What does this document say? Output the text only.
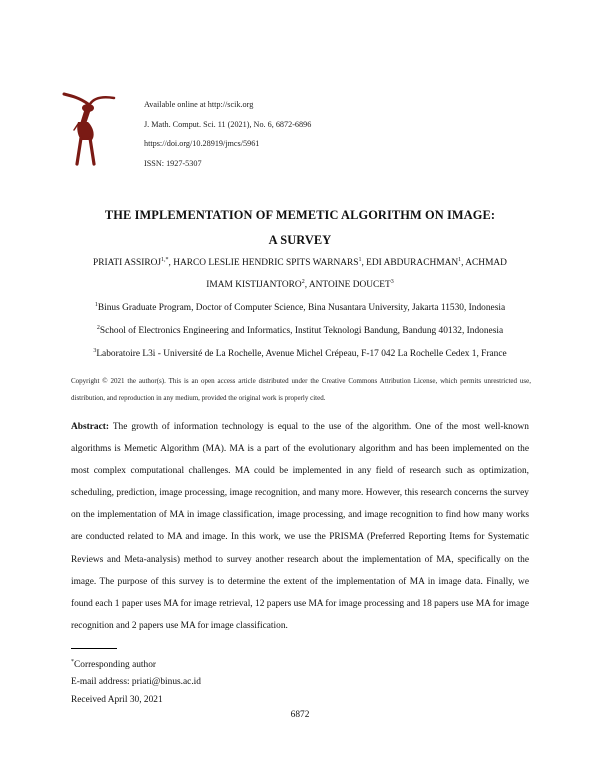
Available online at http://scik.org
J. Math. Comput. Sci. 11 (2021), No. 6, 6872-6896
https://doi.org/10.28919/jmcs/5961
ISSN: 1927-5307
THE IMPLEMENTATION OF MEMETIC ALGORITHM ON IMAGE:
A SURVEY
PRIATI $ASSIROJ^{1,*}$, HARCO LESLIE HENDRIC SPITS WARNARS$^1$, EDI ABDURACHMAN$^1$, ACHMAD
IMAM KISTIJANTORO$^2$, ANTOINE DOUCET$^3$
$^1$Binus Graduate Program, Doctor of Computer Science, Bina Nusantara University, Jakarta 11530, Indonesia
$^2$School of Electronics Engineering and Informatics, Institut Teknologi Bandung, Bandung 40132, Indonesia
$^3$Laboratoire L3i - Université de La Rochelle, Avenue Michel Crépeau, F-17 042 La Rochelle Cedex 1, France
Copyright © 2021 the author(s). This is an open access article distributed under the Creative Commons Attribution License, which permits unrestricted use, distribution, and reproduction in any medium, provided the original work is properly cited.
Abstract: The growth of information technology is equal to the use of the algorithm. One of the most well-known algorithms is Memetic Algorithm (MA). MA is a part of the evolutionary algorithm and has been implemented on the most complex computational challenges. MA could be implemented in any field of research such as optimization, scheduling, prediction, image processing, image recognition, and many more. However, this research concerns the survey on the implementation of MA in image classification, image processing, and image recognition to find how many works are conducted related to MA and image. In this work, we use the PRISMA (Preferred Reporting Items for Systematic Reviews and Meta-analysis) method to survey another research about the implementation of MA, specifically on the image. The purpose of this survey is to determine the extent of the implementation of MA in image data. Finally, we found each 1 paper uses MA for image retrieval, 12 papers use MA for image processing and 18 papers use MA for image recognition and 2 papers use MA for image classification.
*Corresponding author
E-mail address: priati@binus.ac.id
Received April 30, 2021
6872
